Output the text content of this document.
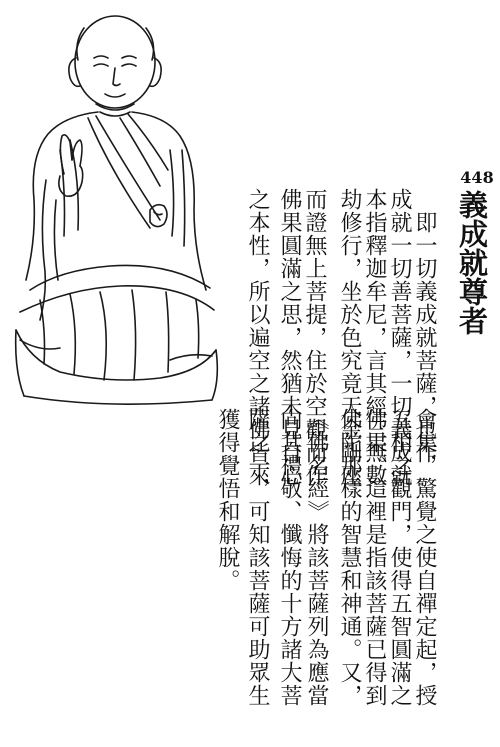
448
義成就尊者
　即一切義成就菩薩，也作
成就一切善菩薩，一切義成就
本指釋迦牟尼，言其經三無數
劫修行，坐於色究竟天金剛座
而證無上菩提，住於空觀而作
佛果圓滿之思，然猶未見自心
之本性，所以遍空之諸佛皆來
會集，驚覺之使自禪定起，授
五相之觀門，使得五智圓滿之
佛果。這裡是指該菩薩已得到
佛陀那樣的智慧和神通。又，
《佛名經》將該菩薩列為應當
向其禮敬、懺悔的十方諸大菩
薩之一，可知該菩薩可助眾生
獲得覺悟和解脫。
